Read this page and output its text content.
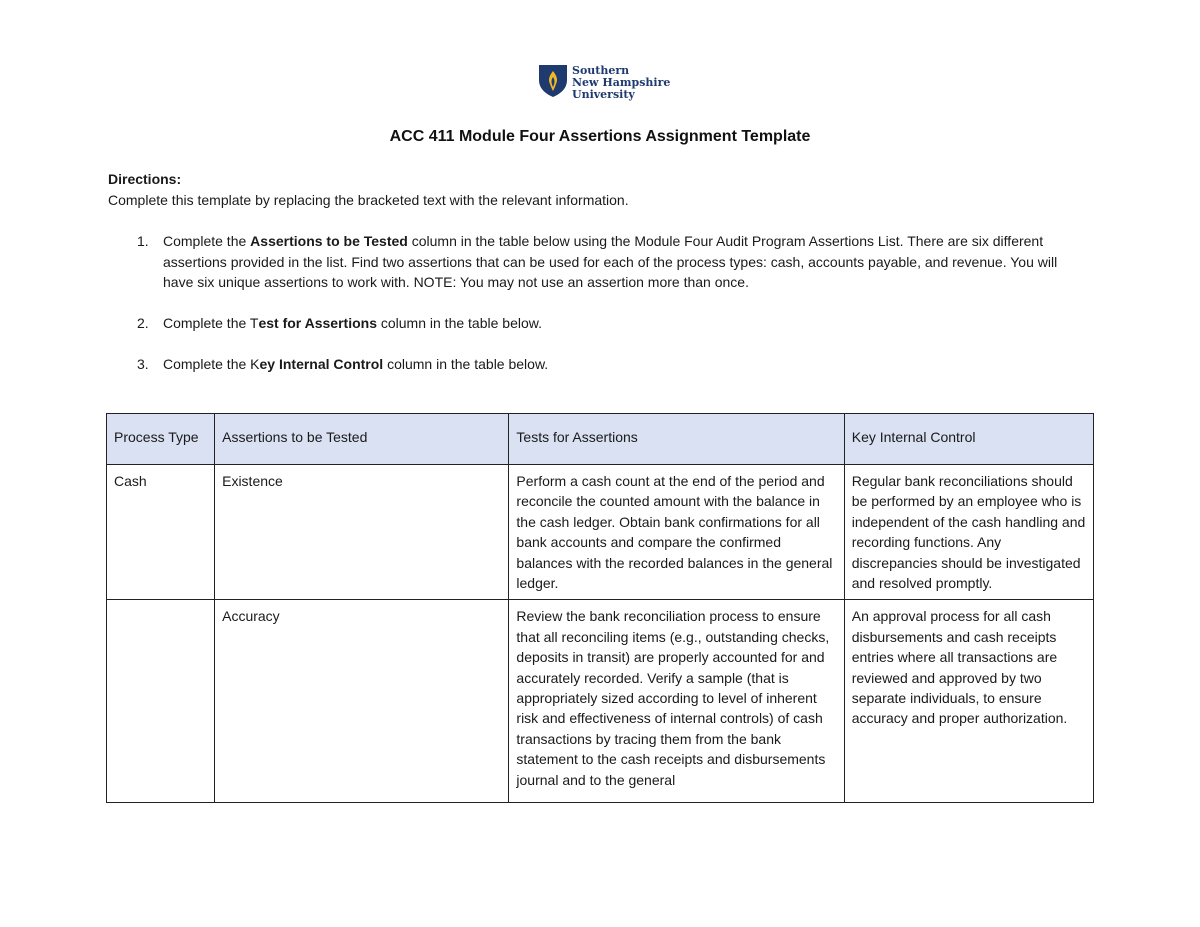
Southern
New Hampshire
University
ACC 411 Module Four Assertions Assignment Template
Directions:
Complete this template by replacing the bracketed text with the relevant information.
1. Complete the Assertions to be Tested column in the table below using the Module Four Audit Program Assertions List. There are six different assertions provided in the list. Find two assertions that can be used for each of the process types: cash, accounts payable, and revenue. You will have six unique assertions to work with. NOTE: You may not use an assertion more than once.
2. Complete the Test for Assertions column in the table below.
3. Complete the Key Internal Control column in the table below.
Process Type	Assertions to be Tested	Tests for Assertions	Key Internal Control
Cash	Existence	Perform a cash count at the end of the period and reconcile the counted amount with the balance in the cash ledger. Obtain bank confirmations for all bank accounts and compare the confirmed balances with the recorded balances in the general ledger.	Regular bank reconciliations should be performed by an employee who is independent of the cash handling and recording functions. Any discrepancies should be investigated and resolved promptly.
	Accuracy	Review the bank reconciliation process to ensure that all reconciling items (e.g., outstanding checks, deposits in transit) are properly accounted for and accurately recorded. Verify a sample (that is appropriately sized according to level of inherent risk and effectiveness of internal controls) of cash transactions by tracing them from the bank statement to the cash receipts and disbursements journal and to the general	An approval process for all cash disbursements and cash receipts entries where all transactions are reviewed and approved by two separate individuals, to ensure accuracy and proper authorization.
